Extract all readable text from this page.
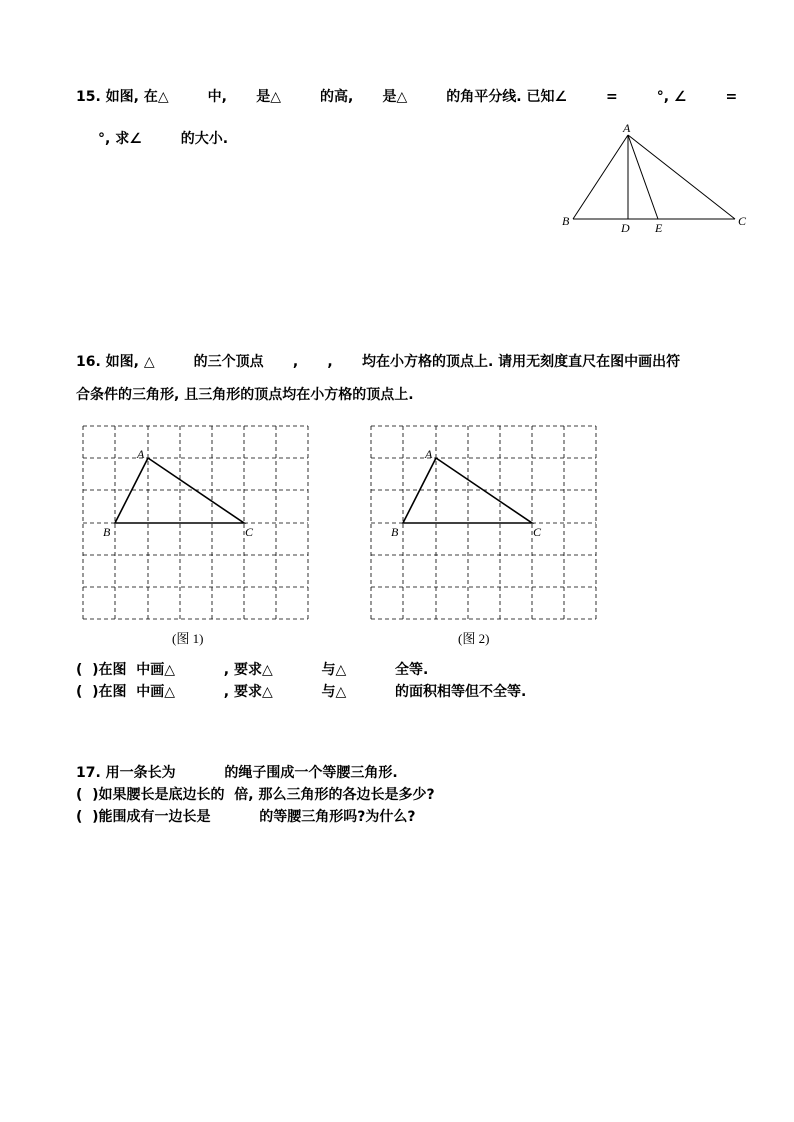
15. 如图, 在△        中,      是△        的高,      是△        的角平分线. 已知∠        =        °, ∠        =
°, 求∠        的大小.
A
B	C
D E
16. 如图, △        的三个顶点      ,      ,      均在小方格的顶点上. 请用无刻度直尺在图中画出符
合条件的三角形, 且三角形的顶点均在小方格的顶点上.
A
B	C
(图 1)
A
B	C
(图 2)
(  )在图  中画△          , 要求△          与△          全等.
(  )在图  中画△          , 要求△          与△          的面积相等但不全等.
17. 用一条长为          的绳子围成一个等腰三角形.
(  )如果腰长是底边长的  倍, 那么三角形的各边长是多少?
(  )能围成有一边长是          的等腰三角形吗?为什么?
